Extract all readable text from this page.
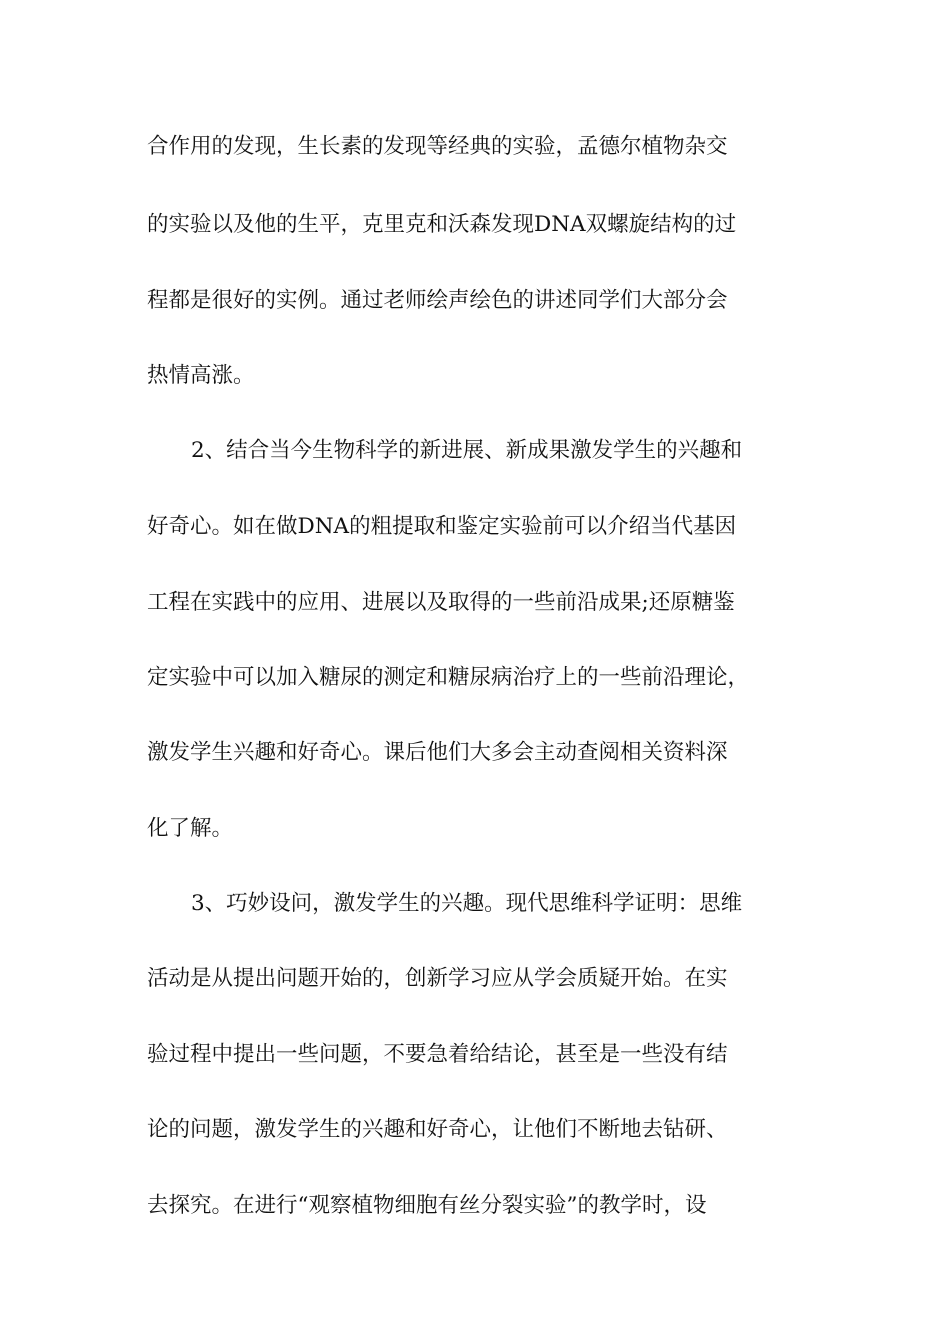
合作用的发现，生长素的发现等经典的实验，孟德尔植物杂交
的实验以及他的生平，克里克和沃森发现DNA双螺旋结构的过
程都是很好的实例。通过老师绘声绘色的讲述同学们大部分会
热情高涨。
2、结合当今生物科学的新进展、新成果激发学生的兴趣和
好奇心。如在做DNA的粗提取和鉴定实验前可以介绍当代基因
工程在实践中的应用、进展以及取得的一些前沿成果;还原糖鉴
定实验中可以加入糖尿的测定和糖尿病治疗上的一些前沿理论，
激发学生兴趣和好奇心。课后他们大多会主动查阅相关资料深
化了解。
3、巧妙设问，激发学生的兴趣。现代思维科学证明：思维
活动是从提出问题开始的，创新学习应从学会质疑开始。在实
验过程中提出一些问题，不要急着给结论，甚至是一些没有结
论的问题，激发学生的兴趣和好奇心，让他们不断地去钻研、
去探究。在进行“观察植物细胞有丝分裂实验”的教学时，设
